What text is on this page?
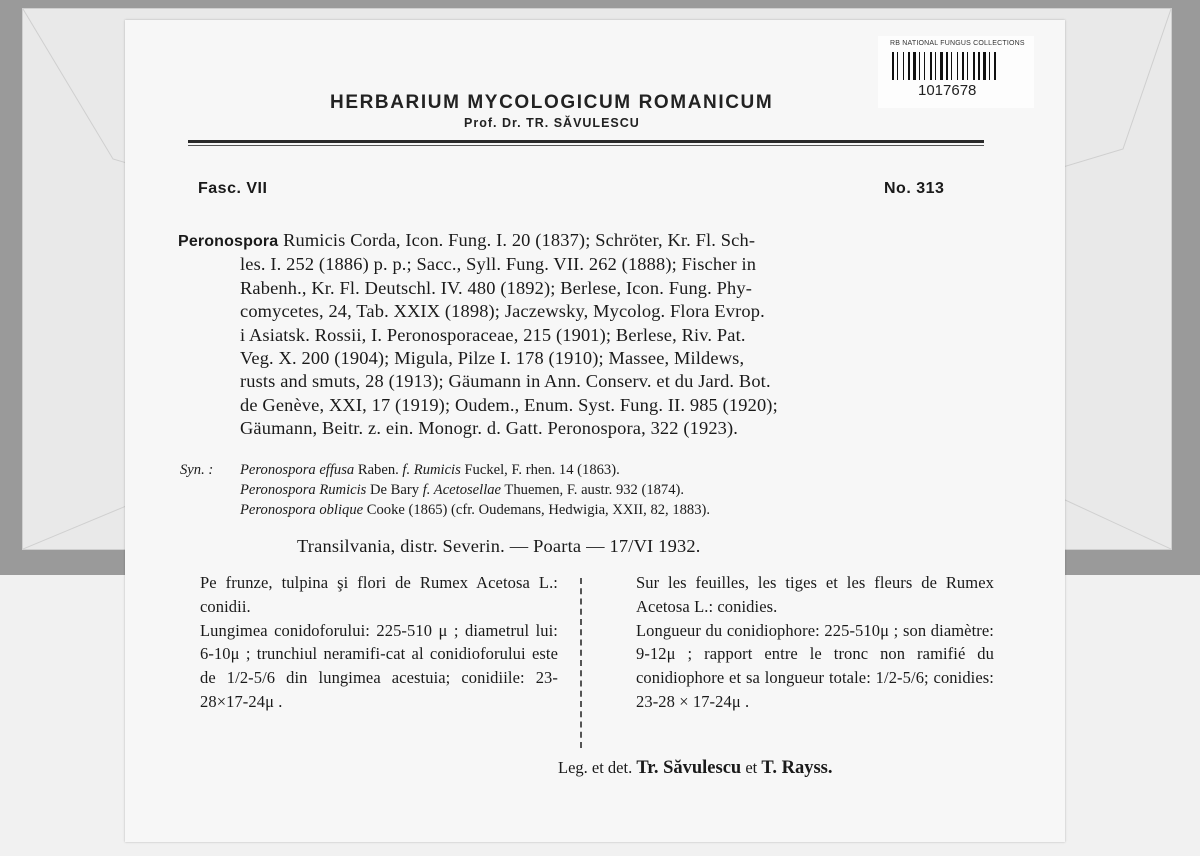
RB NATIONAL FUNGUS COLLECTIONS
1017678
HERBARIUM MYCOLOGICUM ROMANICUM
Prof. Dr. TR. SĂVULESCU
Fasc. VII	No. 313
Peronospora Rumicis Corda, Icon. Fung. I. 20 (1837); Schröter, Kr. Fl. Sch-
les. I. 252 (1886) p. p.; Sacc., Syll. Fung. VII. 262 (1888); Fischer in
Rabenh., Kr. Fl. Deutschl. IV. 480 (1892); Berlese, Icon. Fung. Phy-
comycetes, 24, Tab. XXIX (1898); Jaczewsky, Mycolog. Flora Evrop.
i Asiatsk. Rossii, I. Peronosporaceae, 215 (1901); Berlese, Riv. Pat.
Veg. X. 200 (1904); Migula, Pilze I. 178 (1910); Massee, Mildews,
rusts and smuts, 28 (1913); Gäumann in Ann. Conserv. et du Jard. Bot.
de Genève, XXI, 17 (1919); Oudem., Enum. Syst. Fung. II. 985 (1920);
Gäumann, Beitr. z. ein. Monogr. d. Gatt. Peronospora, 322 (1923).
Syn. : Peronospora effusa Raben. f. Rumicis Fuckel, F. rhen. 14 (1863).
Peronospora Rumicis De Bary f. Acetosellae Thuemen, F. austr. 932 (1874).
Peronospora oblique Cooke (1865) (cfr. Oudemans, Hedwigia, XXII, 82, 1883).
Transilvania, distr. Severin. — Poarta — 17/VI 1932.

Pe frunze, tulpina şi flori de Rumex Acetosa L.: conidii.

Lungimea conidoforului: 225-510 μ ; diametrul lui: 6-10μ ; trunchiul neramifi-cat al conidioforului este de 1/2-5/6 din lungimea acestuia; conidiile: 23-28×17-24μ .

Sur les feuilles, les tiges et les fleurs de Rumex Acetosa L.: conidies.

Longueur du conidiophore: 225-510μ ; son diamètre: 9-12μ ; rapport entre le tronc non ramifié du conidiophore et sa longueur totale: 1/2-5/6; conidies: 23-28 × 17-24μ .

Leg. et det. Tr. Săvulescu et T. Rayss.
